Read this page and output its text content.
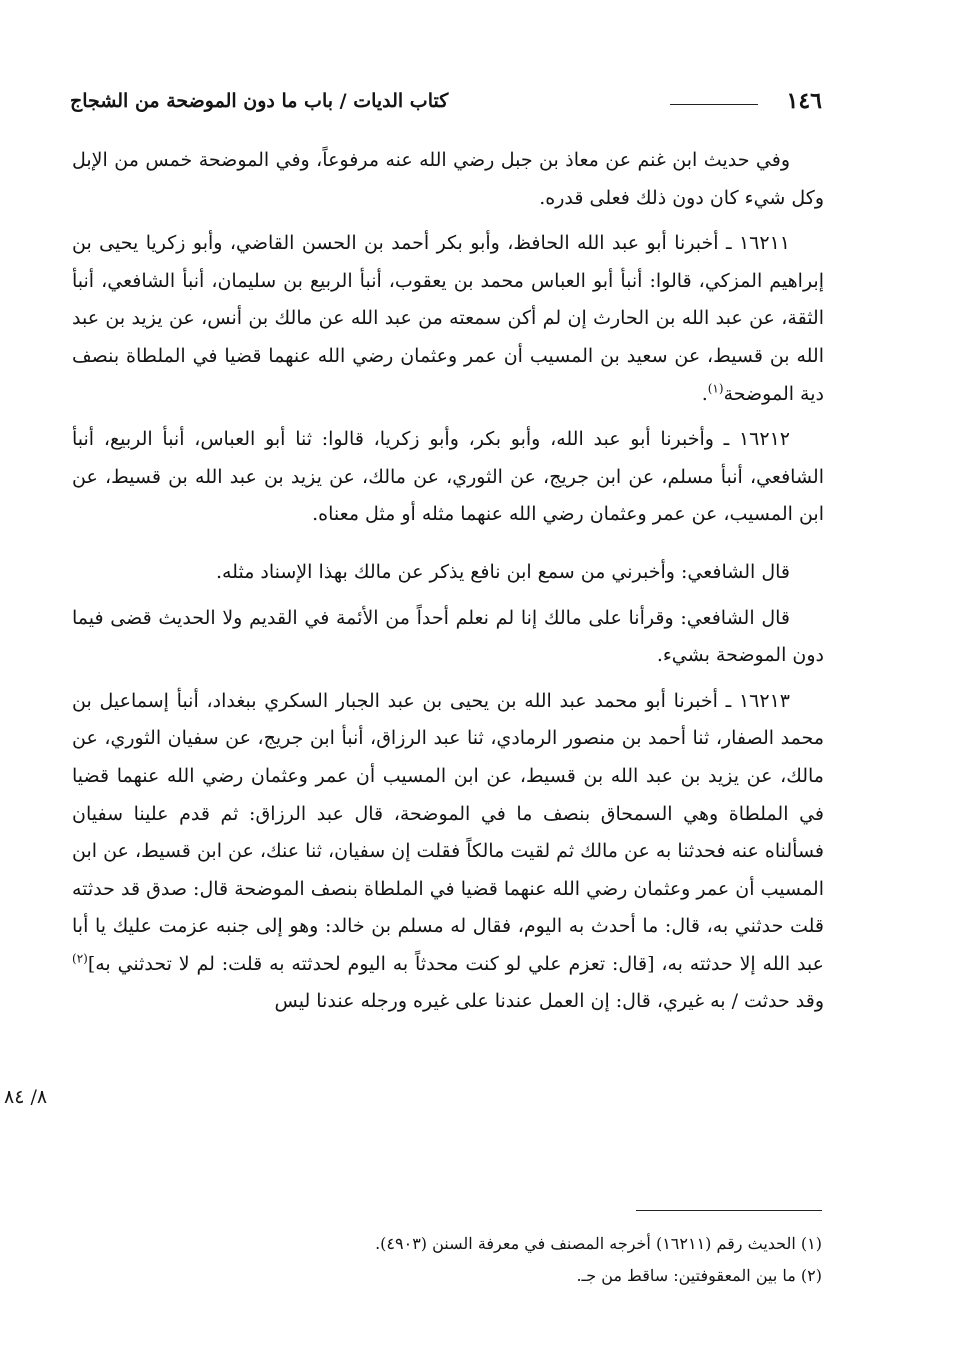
١٤٦
كتاب الديات / باب ما دون الموضحة من الشجاج

وفي حديث ابن غنم عن معاذ بن جبل رضي الله عنه مرفوعاً، وفي الموضحة خمس من الإبل وكل شيء كان دون ذلك فعلى قدره.

١٦٢١١ ـ أخبرنا أبو عبد الله الحافظ، وأبو بكر أحمد بن الحسن القاضي، وأبو زكريا يحيى بن إبراهيم المزكي، قالوا: أنبأ أبو العباس محمد بن يعقوب، أنبأ الربيع بن سليمان، أنبأ الشافعي، أنبأ الثقة، عن عبد الله بن الحارث إن لم أكن سمعته من عبد الله عن مالك بن أنس، عن يزيد بن عبد الله بن قسيط، عن سعيد بن المسيب أن عمر وعثمان رضي الله عنهما قضيا في الملطاة بنصف دية الموضحة$^{(١)}$.

١٦٢١٢ ـ وأخبرنا أبو عبد الله، وأبو بكر، وأبو زكريا، قالوا: ثنا أبو العباس، أنبأ الربيع، أنبأ الشافعي، أنبأ مسلم، عن ابن جريج، عن الثوري، عن مالك، عن يزيد بن عبد الله بن قسيط، عن ابن المسيب، عن عمر وعثمان رضي الله عنهما مثله أو مثل معناه.

قال الشافعي: وأخبرني من سمع ابن نافع يذكر عن مالك بهذا الإسناد مثله.

قال الشافعي: وقرأنا على مالك إنا لم نعلم أحداً من الأئمة في القديم ولا الحديث قضى فيما دون الموضحة بشيء.

١٦٢١٣ ـ أخبرنا أبو محمد عبد الله بن يحيى بن عبد الجبار السكري ببغداد، أنبأ إسماعيل بن محمد الصفار، ثنا أحمد بن منصور الرمادي، ثنا عبد الرزاق، أنبأ ابن جريج، عن سفيان الثوري، عن مالك، عن يزيد بن عبد الله بن قسيط، عن ابن المسيب أن عمر وعثمان رضي الله عنهما قضيا في الملطاة وهي السمحاق بنصف ما في الموضحة، قال عبد الرزاق: ثم قدم علينا سفيان فسألناه عنه فحدثنا به عن مالك ثم لقيت مالكاً فقلت إن سفيان، ثنا عنك، عن ابن قسيط، عن ابن المسيب أن عمر وعثمان رضي الله عنهما قضيا في الملطاة بنصف الموضحة قال: صدق قد حدثته قلت حدثني به، قال: ما أحدث به اليوم، فقال له مسلم بن خالد: وهو إلى جنبه عزمت عليك يا أبا عبد الله إلا حدثته به، [قال: تعزم علي لو كنت محدثاً به اليوم لحدثته به قلت: لم لا تحدثني به]$^{(٢)}$ وقد حدثت / به غيري، قال: إن العمل عندنا على غيره ورجله عندنا ليس

٨/ ٨٤
(١) الحديث رقم (١٦٢١١) أخرجه المصنف في معرفة السنن (٤٩٠٣).
(٢) ما بين المعقوفتين: ساقط من جـ.
